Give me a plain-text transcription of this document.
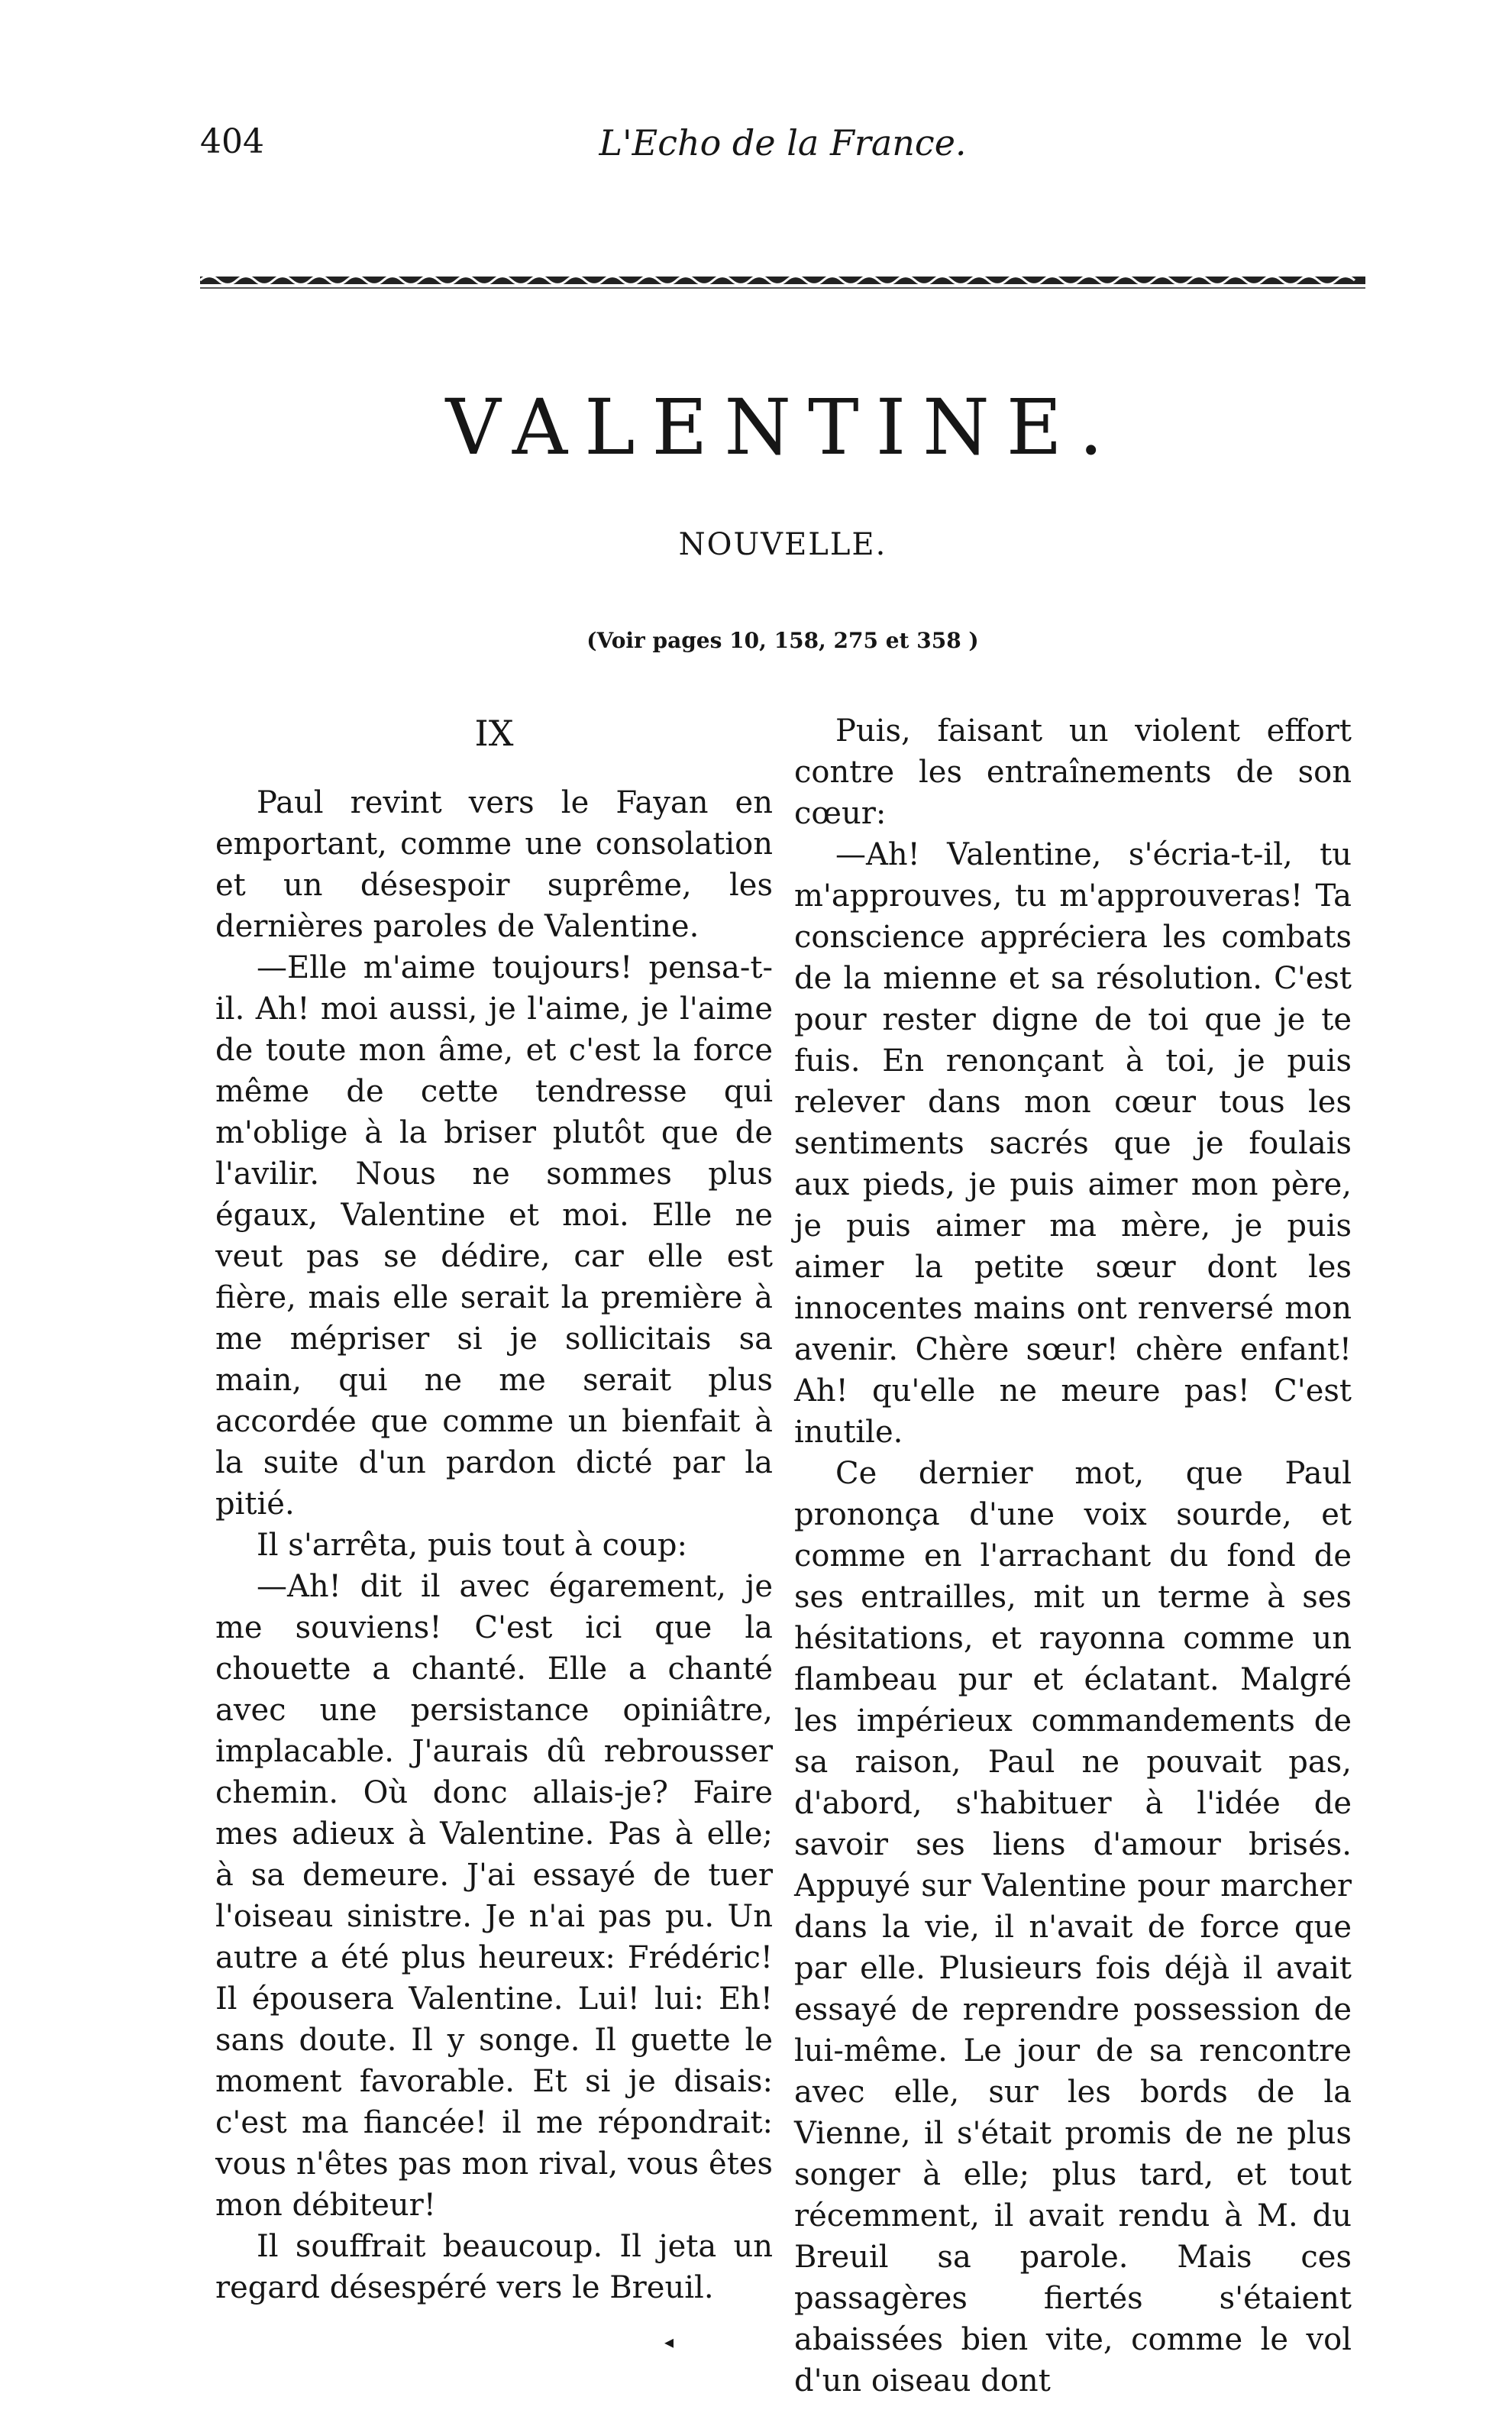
404	L'Echo de la France.
VALENTINE.
NOUVELLE.
(Voir pages 10, 158, 275 et 358 )
IX

Paul revint vers le Fayan en emportant, comme une consolation et un désespoir suprême, les dernières paroles de Valentine.

—Elle m'aime toujours! pensa-t-il. Ah! moi aussi, je l'aime, je l'aime de toute mon âme, et c'est la force même de cette tendresse qui m'oblige à la briser plutôt que de l'avilir. Nous ne sommes plus égaux, Valentine et moi. Elle ne veut pas se dédire, car elle est fière, mais elle serait la première à me mépriser si je sollicitais sa main, qui ne me serait plus accordée que comme un bienfait à la suite d'un pardon dicté par la pitié.

Il s'arrêta, puis tout à coup:

—Ah! dit il avec égarement, je me souviens! C'est ici que la chouette a chanté. Elle a chanté avec une persistance opiniâtre, implacable. J'aurais dû rebrousser chemin. Où donc allais-je? Faire mes adieux à Valentine. Pas à elle; à sa demeure. J'ai essayé de tuer l'oiseau sinistre. Je n'ai pas pu. Un autre a été plus heureux: Frédéric! Il épousera Valentine. Lui! lui: Eh! sans doute. Il y songe. Il guette le moment favorable. Et si je disais: c'est ma fiancée! il me répondrait: vous n'êtes pas mon rival, vous êtes mon débiteur!

Il souffrait beaucoup. Il jeta un regard désespéré vers le Breuil.

Puis, faisant un violent effort contre les entraînements de son cœur:

—Ah! Valentine, s'écria-t-il, tu m'approuves, tu m'approuveras! Ta conscience appréciera les combats de la mienne et sa résolution. C'est pour rester digne de toi que je te fuis. En renonçant à toi, je puis relever dans mon cœur tous les sentiments sacrés que je foulais aux pieds, je puis aimer mon père, je puis aimer ma mère, je puis aimer la petite sœur dont les innocentes mains ont renversé mon avenir. Chère sœur! chère enfant! Ah! qu'elle ne meure pas! C'est inutile.

Ce dernier mot, que Paul prononça d'une voix sourde, et comme en l'arrachant du fond de ses entrailles, mit un terme à ses hésitations, et rayonna comme un flambeau pur et éclatant. Malgré les impérieux commandements de sa raison, Paul ne pouvait pas, d'abord, s'habituer à l'idée de savoir ses liens d'amour brisés. Appuyé sur Valentine pour marcher dans la vie, il n'avait de force que par elle. Plusieurs fois déjà il avait essayé de reprendre possession de lui-même. Le jour de sa rencontre avec elle, sur les bords de la Vienne, il s'était promis de ne plus songer à elle; plus tard, et tout récemment, il avait rendu à M. du Breuil sa parole. Mais ces passagères fiertés s'étaient abaissées bien vite, comme le vol d'un oiseau dont

◂
